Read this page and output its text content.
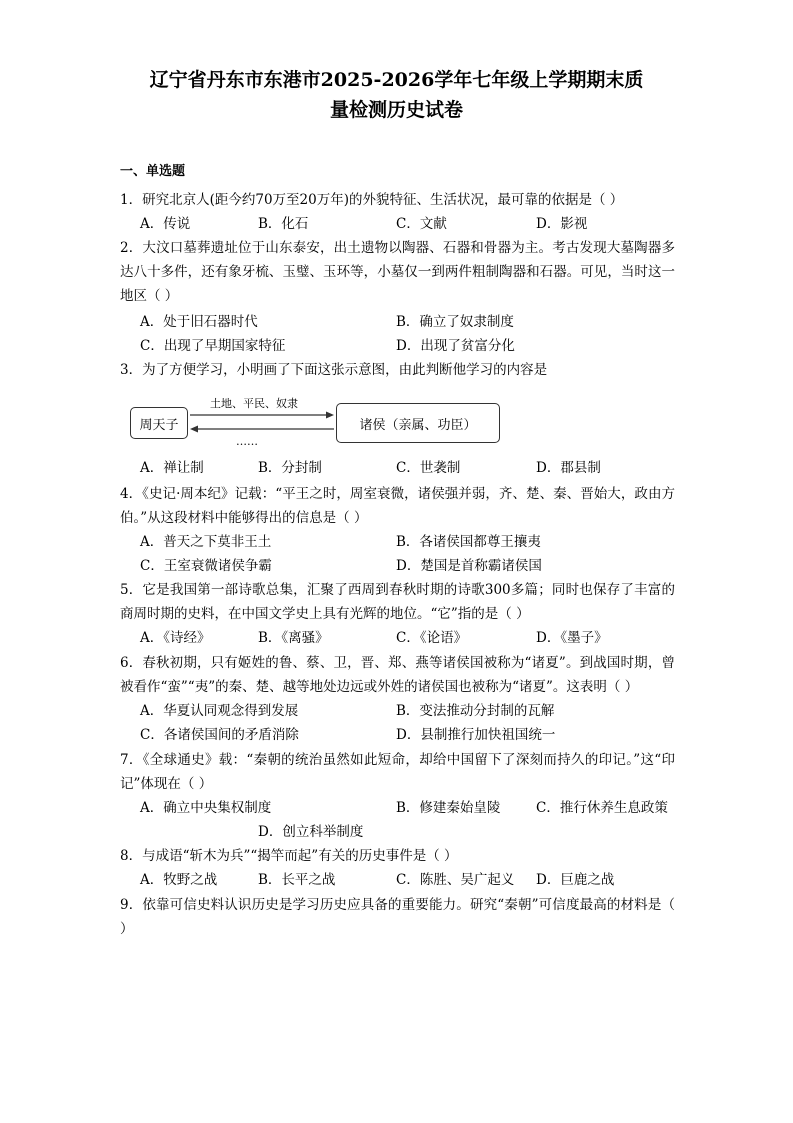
辽宁省丹东市东港市2025-2026学年七年级上学期期末质
量检测历史试卷
一、单选题
1．研究北京人(距今约70万至20万年)的外貌特征、生活状况，最可靠的依据是（ ）
A．传说	B．化石	C．文献	D．影视
2．大汶口墓葬遗址位于山东泰安，出土遗物以陶器、石器和骨器为主。考古发现大墓陶器多达八十多件，还有象牙梳、玉璧、玉环等，小墓仅一到两件粗制陶器和石器。可见，当时这一地区（ ）
A．处于旧石器时代	B．确立了奴隶制度
C．出现了早期国家特征	D．出现了贫富分化
3．为了方便学习，小明画了下面这张示意图，由此判断他学习的内容是
周天子	诸侯（亲属、功臣）
土地、平民、奴隶
……
A．禅让制	B．分封制	C．世袭制	D．郡县制
4．《史记·周本纪》记载：“平王之时，周室衰微，诸侯强并弱，齐、楚、秦、晋始大，政由方伯。”从这段材料中能够得出的信息是（ ）
A．普天之下莫非王土	B．各诸侯国都尊王攘夷
C．王室衰微诸侯争霸	D．楚国是首称霸诸侯国
5．它是我国第一部诗歌总集，汇聚了西周到春秋时期的诗歌300多篇；同时也保存了丰富的商周时期的史料，在中国文学史上具有光辉的地位。“它”指的是（ ）
A．《诗经》	B．《离骚》	C．《论语》	D．《墨子》
6．春秋初期，只有姬姓的鲁、蔡、卫，晋、郑、燕等诸侯国被称为“诸夏”。到战国时期，曾被看作“蛮”“夷”的秦、楚、越等地处边远或外姓的诸侯国也被称为“诸夏”。这表明（ ）
A．华夏认同观念得到发展	B．变法推动分封制的瓦解
C．各诸侯国间的矛盾消除	D．县制推行加快祖国统一
7．《全球通史》载：“秦朝的统治虽然如此短命，却给中国留下了深刻而持久的印记。”这“印记”体现在（ ）
A．确立中央集权制度	B．修建秦始皇陵	C．推行休养生息政策
D．创立科举制度
8．与成语“斩木为兵”“揭竿而起”有关的历史事件是（ ）
A．牧野之战	B．长平之战	C．陈胜、吴广起义 D．巨鹿之战
9．依靠可信史料认识历史是学习历史应具备的重要能力。研究“秦朝”可信度最高的材料是（ ）
